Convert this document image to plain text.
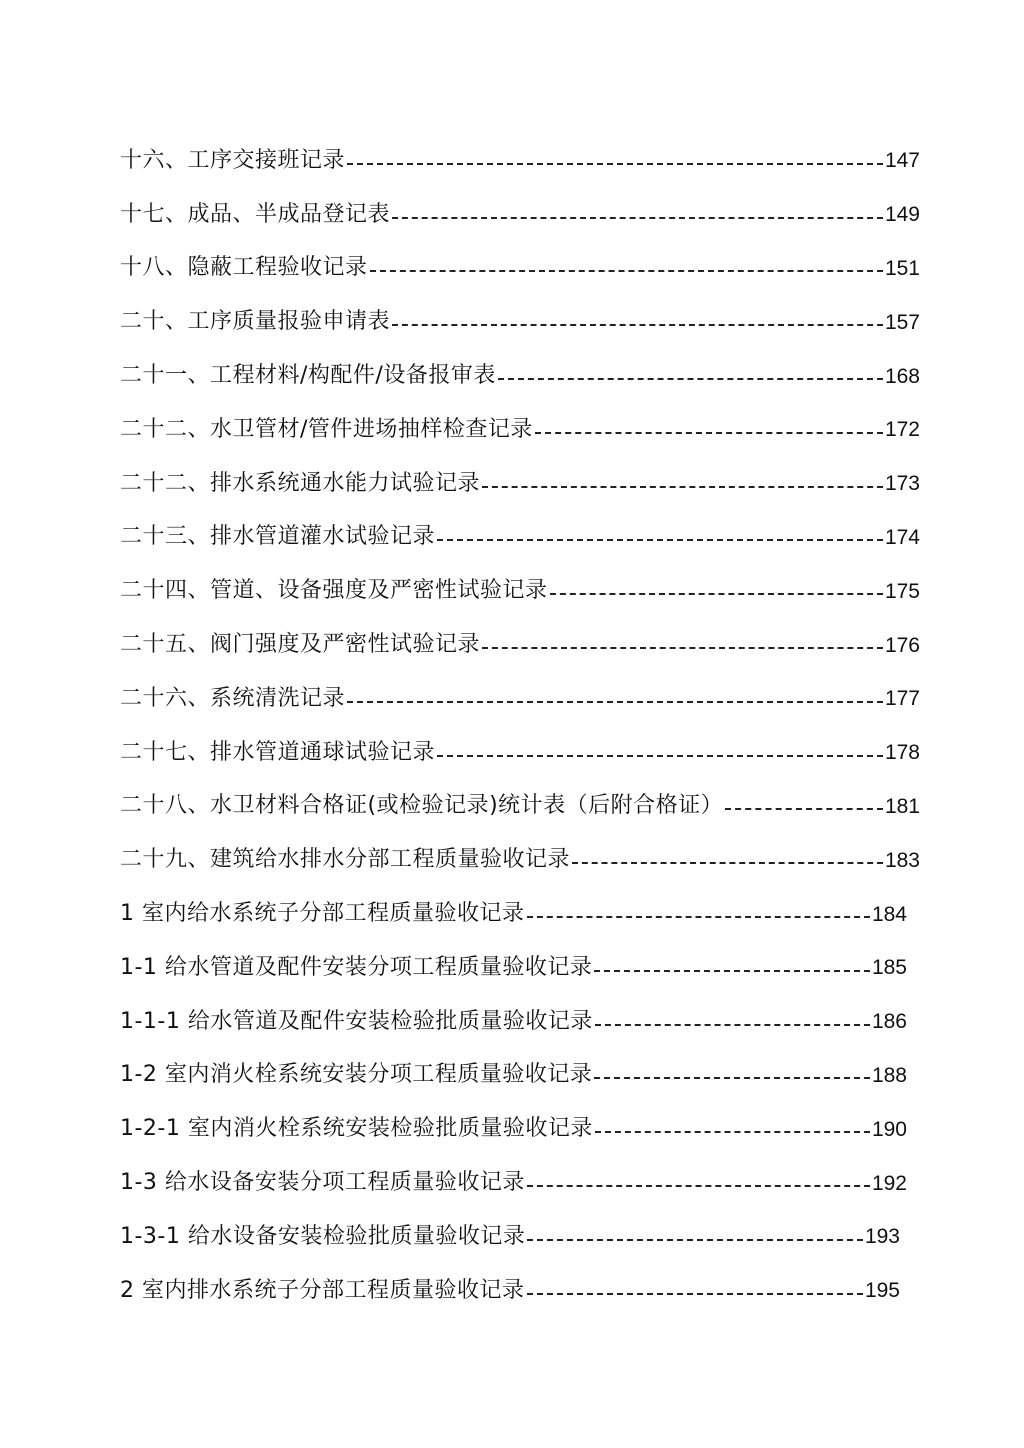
十六、工序交接班记录	147
十七、成品、半成品登记表	149
十八、隐蔽工程验收记录	151
二十、工序质量报验申请表	157
二十一、工程材料/构配件/设备报审表	168
二十二、水卫管材/管件进场抽样检查记录	172
二十二、排水系统通水能力试验记录	173
二十三、排水管道灌水试验记录	174
二十四、管道、设备强度及严密性试验记录	175
二十五、阀门强度及严密性试验记录	176
二十六、系统清洗记录	177
二十七、排水管道通球试验记录	178
二十八、水卫材料合格证(或检验记录)统计表（后附合格证）	181
二十九、建筑给水排水分部工程质量验收记录	183
1 室内给水系统子分部工程质量验收记录	184
1-1 给水管道及配件安装分项工程质量验收记录	185
1-1-1 给水管道及配件安装检验批质量验收记录	186
1-2 室内消火栓系统安装分项工程质量验收记录	188
1-2-1 室内消火栓系统安装检验批质量验收记录	190
1-3 给水设备安装分项工程质量验收记录	192
1-3-1 给水设备安装检验批质量验收记录	193
2 室内排水系统子分部工程质量验收记录	195
